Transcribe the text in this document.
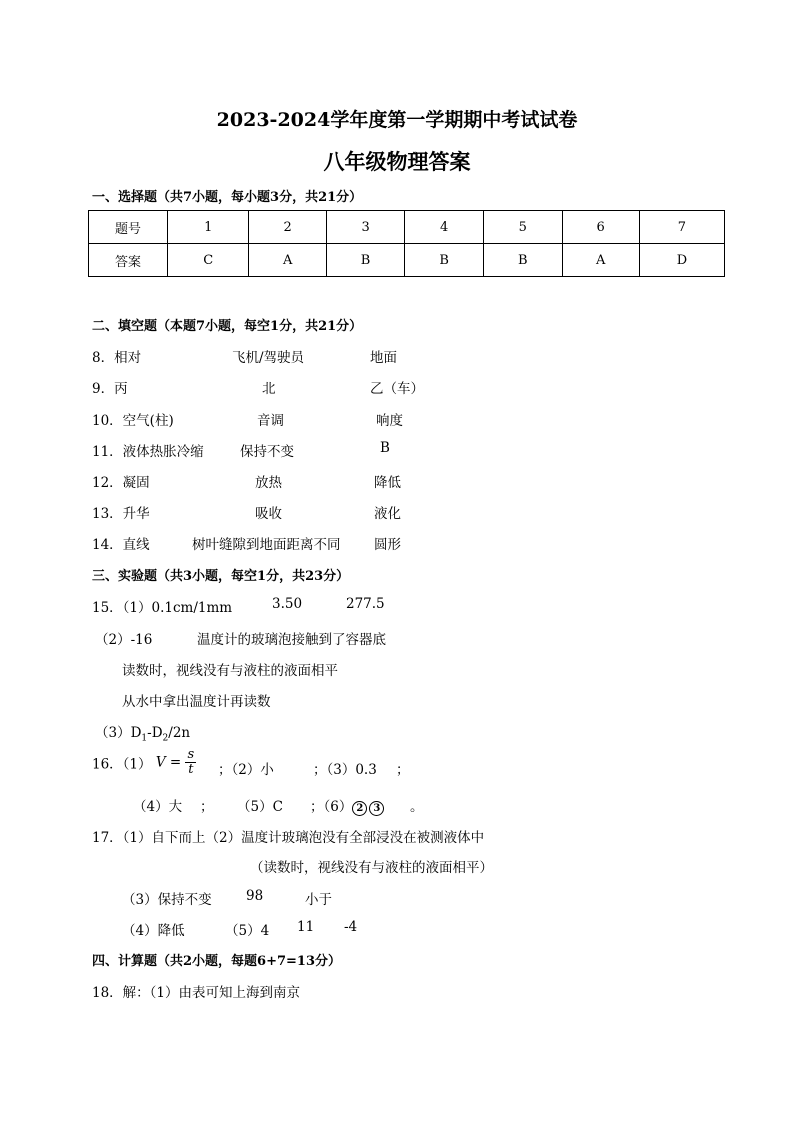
2023-2024学年度第一学期期中考试试卷
八年级物理答案
一、选择题（共7小题，每小题3分，共21分）
题号	1	2	3	4	5	6	7
答案	C	A	B	B	B	A	D
二、填空题（本题7小题，每空1分，共21分）
8．相对	飞机/驾驶员	地面
9．丙	北	乙（车）
10．空气(柱)	音调	响度
11．液体热胀冷缩	保持不变	B
12．凝固	放热	降低
13．升华	吸收	液化
14．直线	树叶缝隙到地面距离不同 圆形
三、实验题（共3小题，每空1分，共23分）
15．（1）0.1cm/1mm	3.50	277.5
（2）-16	温度计的玻璃泡接触到了容器底
读数时，视线没有与液柱的液面相平
从水中拿出温度计再读数
$(3)D_1-D_2/2n$
16．（1） $V = \frac{s}{t}$ ；（2）小	；（3）0.3 ；
（4）大 ； （5）C ；（6） 2 3	。
17．（1）自下而上（2）温度计玻璃泡没有全部浸没在被测液体中
（读数时，视线没有与液柱的液面相平）
（3）保持不变	98	小于
（4）降低	（5）4 11 -4
四、计算题（共2小题，每题6+7=13分）
18．解：（1）由表可知上海到南京
